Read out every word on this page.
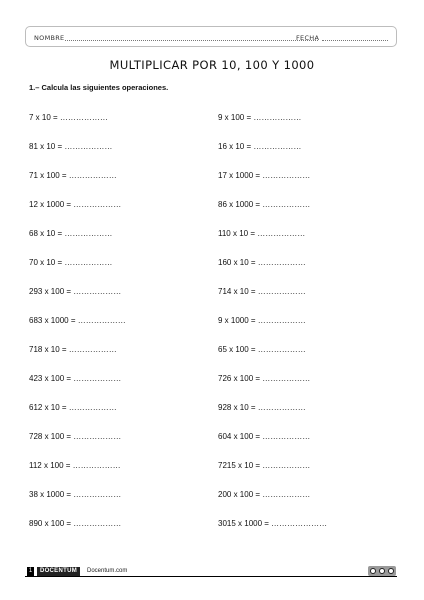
NOMBRE	FECHA
MULTIPLICAR POR 10, 100 Y 1000
1.– Calcula las siguientes operaciones.
7 x 10 = ………………
81 x 10 = ………………
71 x 100 = ………………
12 x 1000 = ………………
68 x 10 = ………………
70 x 10 = ………………
293 x 100 = ………………
683 x 1000 = ………………
718 x 10 = ………………
423 x 100 = ………………
612 x 10 = ………………
728 x 100 = ………………
112 x 100 = ………………
38 x 1000 = ………………
890 x 100 = ………………
9 x 100 = ………………
16 x 10 = ………………
17 x 1000 = ………………
86 x 1000 = ………………
110 x 10 = ………………
160 x 10 = ………………
714 x 10 = ………………
9 x 1000 = ………………
65 x 100 = ………………
726 x 100 = ………………
928 x 10 = ………………
604 x 100 = ………………
7215 x 10 = ………………
200 x 100 = ………………
3015 x 1000 = …………………
1	DOCENTUM	Docentum.com
